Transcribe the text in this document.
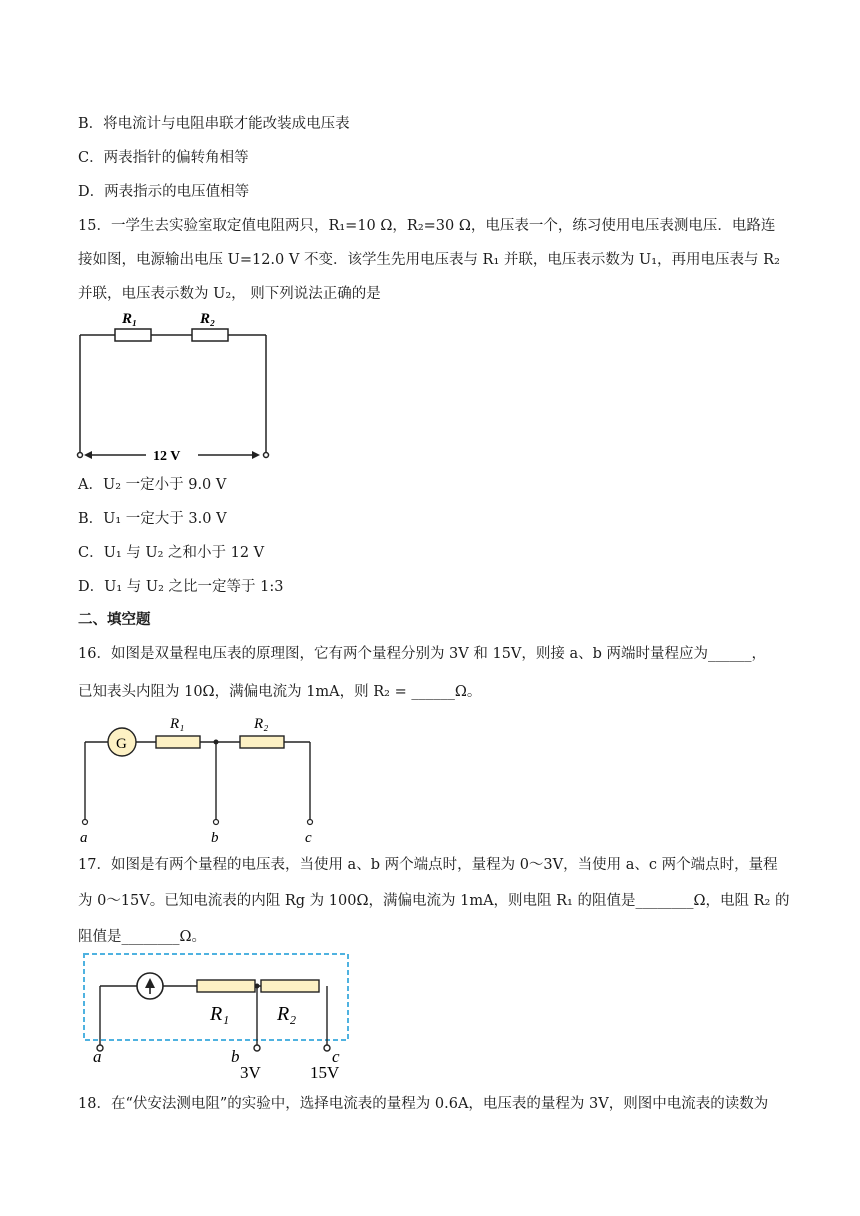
B．将电流计与电阻串联才能改装成电压表
C．两表指针的偏转角相等
D．两表指示的电压值相等
15．一学生去实验室取定值电阻两只，R₁=10 Ω，R₂=30 Ω，电压表一个，练习使用电压表测电压．电路连
接如图，电源输出电压 U=12.0 V 不变．该学生先用电压表与 R₁ 并联，电压表示数为 U₁，再用电压表与 R₂
并联，电压表示数为 U₂， 则下列说法正确的是
R₁	R₂
12 V
A．U₂ 一定小于 9.0 V
B．U₁ 一定大于 3.0 V
C．U₁ 与 U₂ 之和小于 12 V
D．U₁ 与 U₂ 之比一定等于 1:3
二、填空题
16．如图是双量程电压表的原理图，它有两个量程分别为 3V 和 15V，则接 a、b 两端时量程应为______，
已知表头内阻为 10Ω，满偏电流为 1mA，则 R₂ = ______Ω。
G
R₁	R₂
a	b	c
17．如图是有两个量程的电压表，当使用 a、b 两个端点时，量程为 0～3V，当使用 a、c 两个端点时，量程
为 0～15V。已知电流表的内阻 Rg 为 100Ω，满偏电流为 1mA，则电阻 R₁ 的阻值是________Ω，电阻 R₂ 的
阻值是________Ω。
R₁ R₂
a	b	c
3V	15V
18．在“伏安法测电阻”的实验中，选择电流表的量程为 0.6A，电压表的量程为 3V，则图中电流表的读数为
